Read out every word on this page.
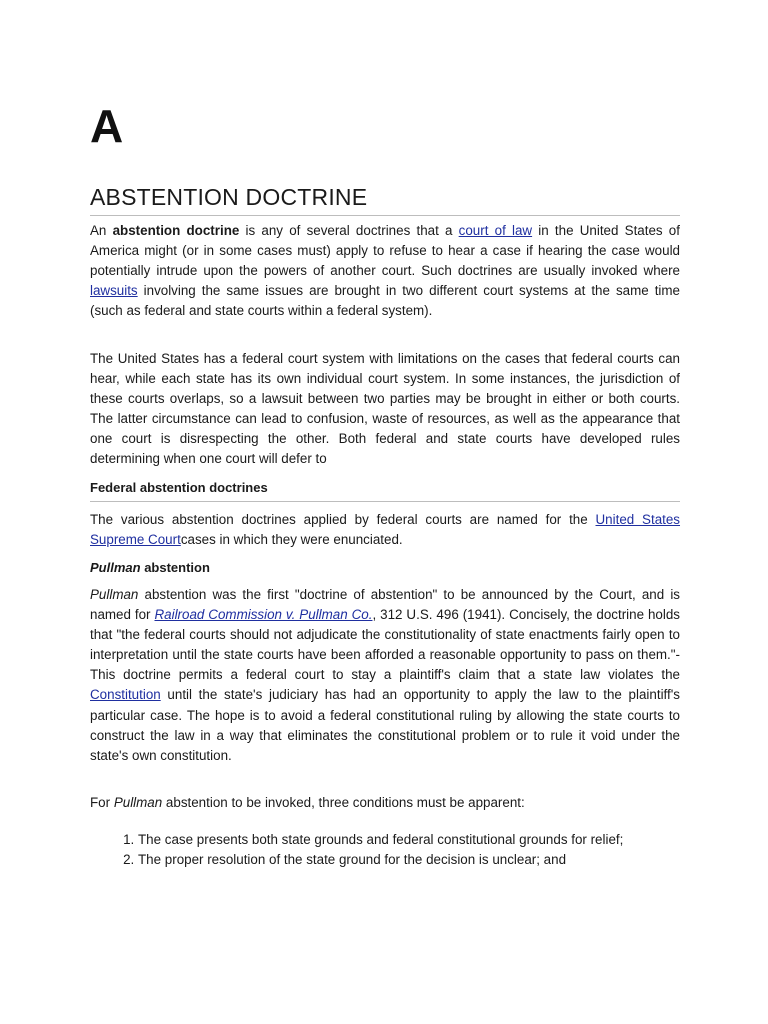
A
ABSTENTION DOCTRINE

An abstention doctrine is any of several doctrines that a court of law in the United States of America might (or in some cases must) apply to refuse to hear a case if hearing the case would potentially intrude upon the powers of another court. Such doctrines are usually invoked where lawsuits involving the same issues are brought in two different court systems at the same time (such as federal and state courts within a federal system).

The United States has a federal court system with limitations on the cases that federal courts can hear, while each state has its own individual court system. In some instances, the jurisdiction of these courts overlaps, so a lawsuit between two parties may be brought in either or both courts. The latter circumstance can lead to confusion, waste of resources, as well as the appearance that one court is disrespecting the other. Both federal and state courts have developed rules determining when one court will defer to

Federal abstention doctrines

The various abstention doctrines applied by federal courts are named for the United States Supreme Courtcases in which they were enunciated.

Pullman abstention

Pullman abstention was the first "doctrine of abstention" to be announced by the Court, and is named for Railroad Commission v. Pullman Co., 312 U.S. 496 (1941). Concisely, the doctrine holds that "the federal courts should not adjudicate the constitutionality of state enactments fairly open to interpretation until the state courts have been afforded a reasonable opportunity to pass on them."- This doctrine permits a federal court to stay a plaintiff's claim that a state law violates the Constitution until the state's judiciary has had an opportunity to apply the law to the plaintiff's particular case. The hope is to avoid a federal constitutional ruling by allowing the state courts to construct the law in a way that eliminates the constitutional problem or to rule it void under the state's own constitution.

For Pullman abstention to be invoked, three conditions must be apparent:

1. The case presents both state grounds and federal constitutional grounds for relief;
2. The proper resolution of the state ground for the decision is unclear; and
